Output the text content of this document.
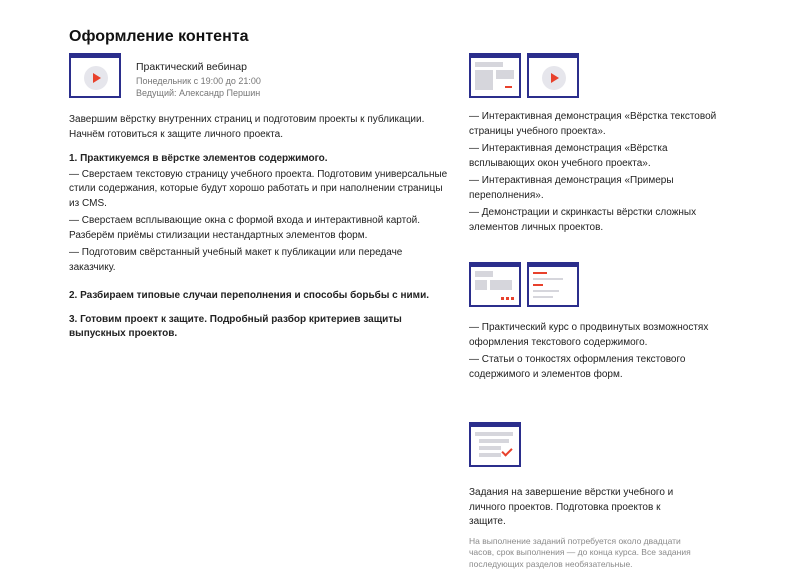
Оформление контента
Практический вебинар
Понедельник с 19:00 до 21:00
Ведущий: Александр Першин

Завершим вёрстку внутренних страниц и подготовим проекты к публикации. Начнём готовиться к защите личного проекта.

1. Практикуемся в вёрстке элементов содержимого.

— Сверстаем текстовую страницу учебного проекта. Подготовим универсальные стили содержания, которые будут хорошо работать и при наполнении страницы из CMS.

— Сверстаем всплывающие окна с формой входа и интерактивной картой. Разберём приёмы стилизации нестандартных элементов форм.

— Подготовим свёрстанный учебный макет к публикации или передаче заказчику.

2. Разбираем типовые случаи переполнения и способы борьбы с ними.

3. Готовим проект к защите. Подробный разбор критериев защиты выпускных проектов.

— Интерактивная демонстрация «Вёрстка текстовой страницы учебного проекта».

— Интерактивная демонстрация «Вёрстка всплывающих окон учебного проекта».

— Интерактивная демонстрация «Примеры переполнения».

— Демонстрации и скринкасты вёрстки сложных элементов личных проектов.

— Практический курс о продвинутых возможностях оформления текстового содержимого.

— Статьи о тонкостях оформления текстового содержимого и элементов форм.

Задания на завершение вёрстки учебного и личного проектов. Подготовка проектов к защите.

На выполнение заданий потребуется около двадцати часов, срок выполнения — до конца курса. Все задания последующих разделов необязательные.
